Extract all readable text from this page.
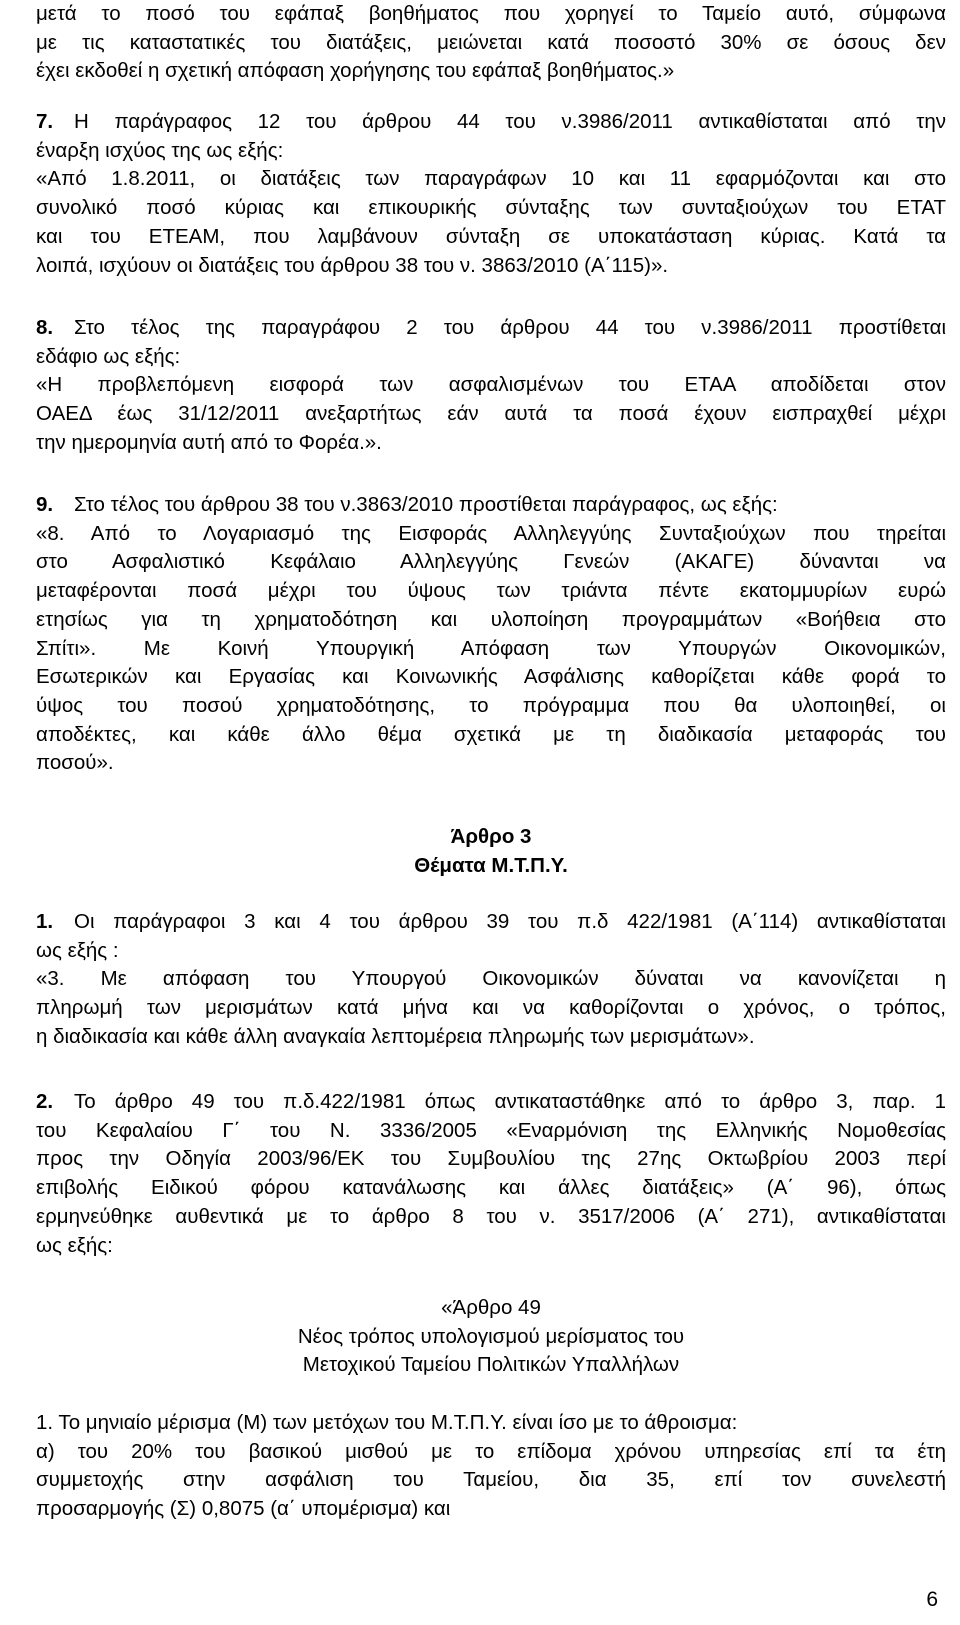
μετά το ποσό του εφάπαξ βοηθήματος που χορηγεί το Ταμείο αυτό, σύμφωνα
με τις καταστατικές του διατάξεις, μειώνεται κατά ποσοστό 30% σε όσους δεν
έχει εκδοθεί η σχετική απόφαση χορήγησης του εφάπαξ βοηθήματος.»
7.	Η παράγραφος 12 του άρθρου 44 του ν.3986/2011 αντικαθίσταται από την
έναρξη ισχύος της ως εξής:
«Από 1.8.2011, οι διατάξεις των παραγράφων 10 και 11 εφαρμόζονται και στο
συνολικό ποσό κύριας και επικουρικής σύνταξης των συνταξιούχων του ΕΤΑΤ
και του ΕΤΕΑΜ, που λαμβάνουν σύνταξη σε υποκατάσταση κύριας. Κατά τα
λοιπά, ισχύουν οι διατάξεις του άρθρου 38 του ν. 3863/2010 (Α΄115)».
8.	Στο τέλος της παραγράφου 2 του άρθρου 44 του ν.3986/2011 προστίθεται
εδάφιο ως εξής:
«Η προβλεπόμενη εισφορά των ασφαλισμένων του ΕΤΑΑ αποδίδεται στον
ΟΑΕΔ έως 31/12/2011 ανεξαρτήτως εάν αυτά τα ποσά έχουν εισπραχθεί μέχρι
την ημερομηνία αυτή από το Φορέα.».
9.	Στο τέλος του άρθρου 38 του ν.3863/2010 προστίθεται παράγραφος, ως εξής:
«8. Από το Λογαριασμό της Εισφοράς Αλληλεγγύης Συνταξιούχων που τηρείται
στο Ασφαλιστικό Κεφάλαιο Αλληλεγγύης Γενεών (ΑΚΑΓΕ) δύνανται να
μεταφέρονται ποσά μέχρι του ύψους των τριάντα πέντε εκατομμυρίων ευρώ
ετησίως για τη χρηματοδότηση και υλοποίηση προγραμμάτων «Βοήθεια στο
Σπίτι». Με Κοινή Υπουργική Απόφαση των Υπουργών Οικονομικών,
Εσωτερικών και Εργασίας και Κοινωνικής Ασφάλισης καθορίζεται κάθε φορά το
ύψος του ποσού χρηματοδότησης, το πρόγραμμα που θα υλοποιηθεί, οι
αποδέκτες, και κάθε άλλο θέμα σχετικά με τη διαδικασία μεταφοράς του
ποσού».
Άρθρο 3
Θέματα Μ.Τ.Π.Υ.
1.	Οι παράγραφοι 3 και 4 του άρθρου 39 του π.δ 422/1981 (Α΄114) αντικαθίσταται
ως εξής :
«3. Με απόφαση του Υπουργού Οικονομικών δύναται να κανονίζεται η
πληρωμή των μερισμάτων κατά μήνα και να καθορίζονται ο χρόνος, ο τρόπος,
η διαδικασία και κάθε άλλη αναγκαία λεπτομέρεια πληρωμής των μερισμάτων».
2.	Το άρθρο 49 του π.δ.422/1981 όπως αντικαταστάθηκε από το άρθρο 3, παρ. 1
του Κεφαλαίου Γ΄ του Ν. 3336/2005 «Εναρμόνιση της Ελληνικής Νομοθεσίας
προς την Οδηγία 2003/96/ΕΚ του Συμβουλίου της 27ης Οκτωβρίου 2003 περί
επιβολής Ειδικού φόρου κατανάλωσης και άλλες διατάξεις» (Α΄ 96), όπως
ερμηνεύθηκε αυθεντικά με το άρθρο 8 του ν. 3517/2006 (Α΄ 271), αντικαθίσταται
ως εξής:
«Άρθρο 49
Νέος τρόπος υπολογισμού μερίσματος του
Μετοχικού Ταμείου Πολιτικών Υπαλλήλων
1. Το μηνιαίο μέρισμα (Μ) των μετόχων του Μ.Τ.Π.Υ. είναι ίσο με το άθροισμα:
α) του 20% του βασικού μισθού με το επίδομα χρόνου υπηρεσίας επί τα έτη
συμμετοχής στην ασφάλιση του Ταμείου, δια 35, επί τον συνελεστή
προσαρμογής (Σ) 0,8075 (α΄ υπομέρισμα) και
6
